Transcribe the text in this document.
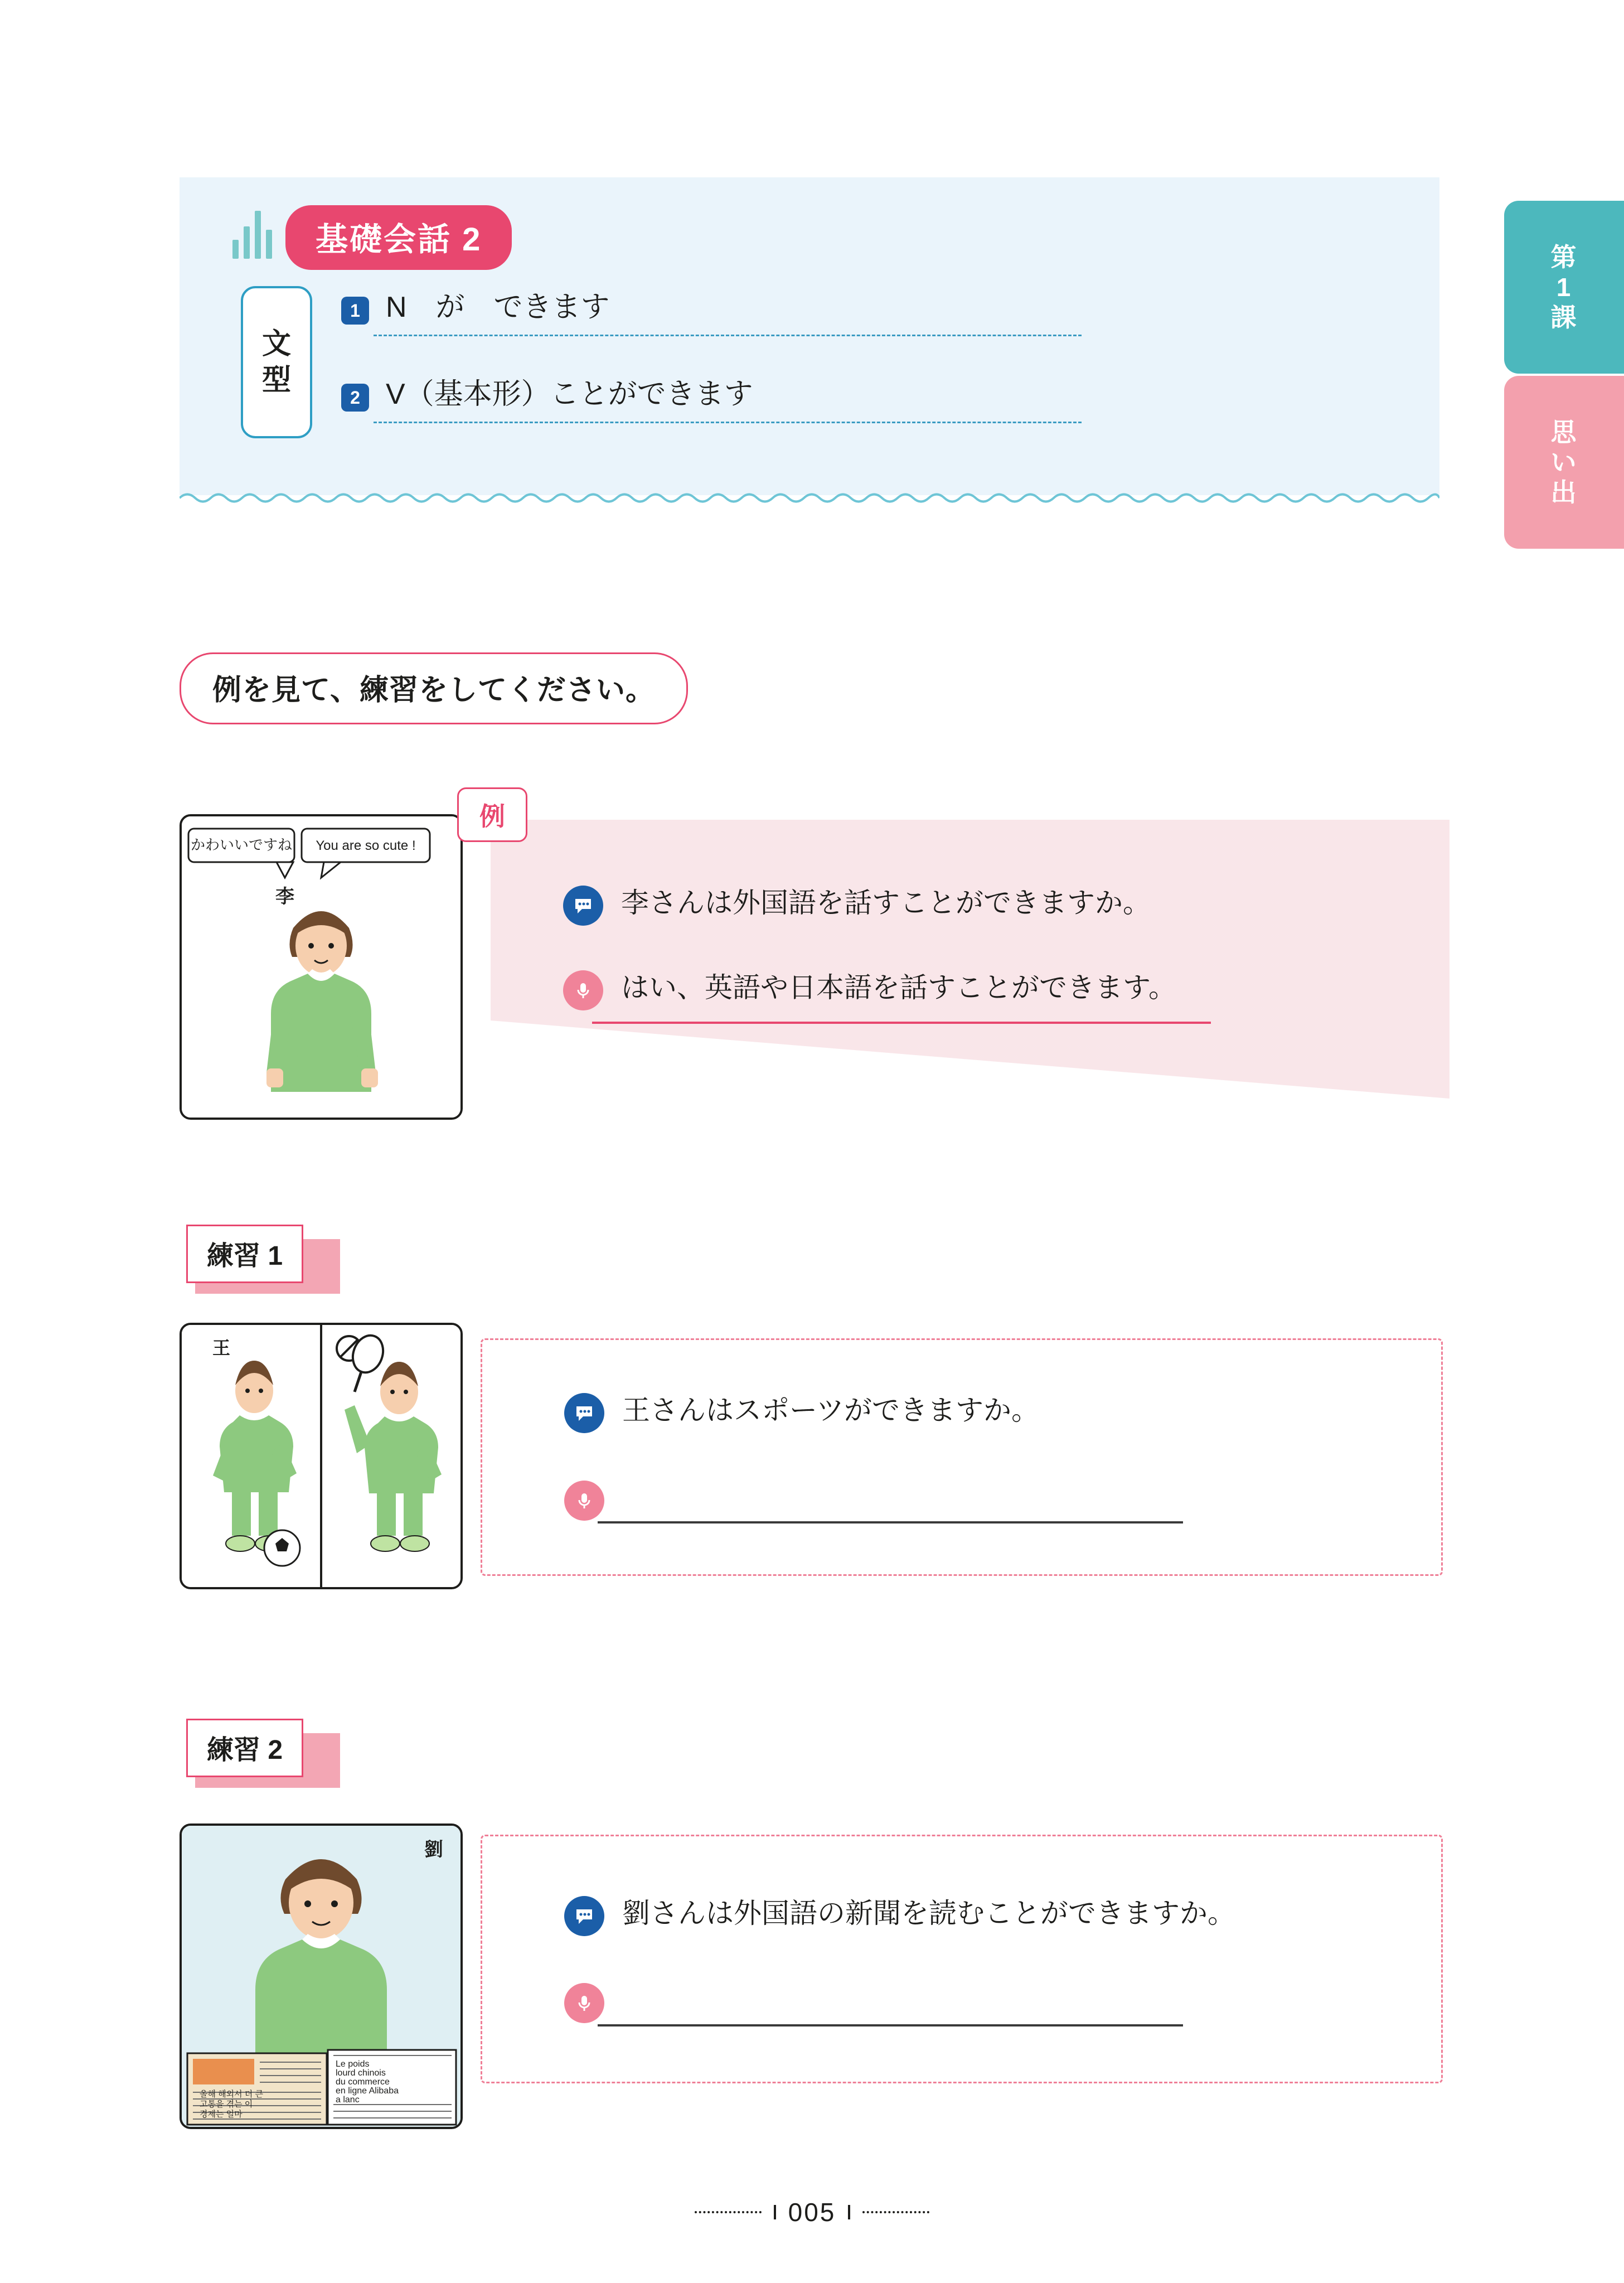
第
1
課
思
い
出
基礎会話 2
文
型
1 N　が　できます
2 V（基本形）ことができます
例を見て、練習をしてください。
例
かわいいですね You are so cute !
李	李さんは外国語を話すことができますか。
はい、英語や日本語を話すことができます。
練習 1
王
王さんはスポーツができますか。
練習 2
劉
올해 해외서 더 큰
고통을 겪는 이
경제는 얼마
Le poids
lourd chinois
du commerce
en ligne Alibaba
a lanc
劉さんは外国語の新聞を読むことができますか。
005
